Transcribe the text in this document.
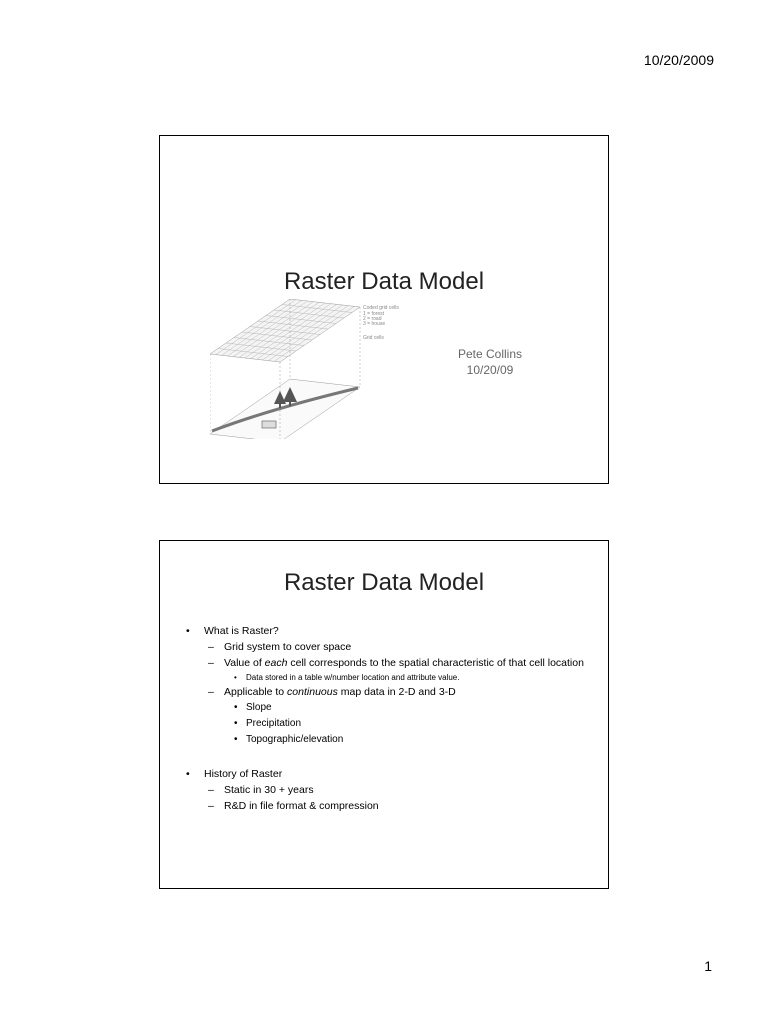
10/20/2009
Raster Data Model
Coded grid cells
1 = forest
2 = road
3 = house
Grid cells
Pete Collins
10/20/09
Raster Data Model
• What is Raster?
– Grid system to cover space
– Value of each cell corresponds to the spatial characteristic of that cell location
• Data stored in a table w/number location and attribute value.
– Applicable to continuous map data in 2-D and 3-D
• Slope
• Precipitation
• Topographic/elevation
• History of Raster
– Static in 30 + years
– R&D in file format & compression
1
